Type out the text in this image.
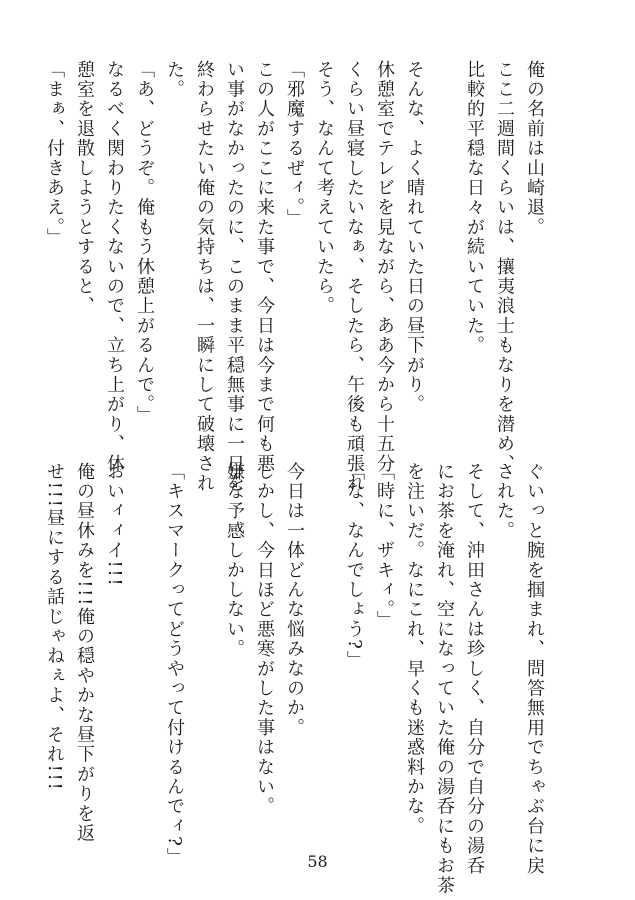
俺の名前は山崎退。
ここ二週間くらいは、攘夷浪士もなりを潜め、
比較的平穏な日々が続いていた。

そんな、よく晴れていた日の昼下がり。
休憩室でテレビを見ながら、ああ今から十五分
くらい昼寝したいなぁ、そしたら、午後も頑張れ
そう、なんて考えていたら。
「邪魔するぜィ。」
この人がここに来た事で、今日は今まで何も悪
い事がなかったのに、このまま平穏無事に一日を
終わらせたい俺の気持ちは、一瞬にして破壊され
た。
「あ、どうぞ。俺もう休憩上がるんで。」
なるべく関わりたくないので、立ち上がり、休
憩室を退散しようとすると、
「まぁ、付きあえ。」
ぐいっと腕を掴まれ、問答無用でちゃぶ台に戻
された。
そして、沖田さんは珍しく、自分で自分の湯呑
にお茶を淹れ、空になっていた俺の湯呑にもお茶
を注いだ。なにこれ、早くも迷惑料かな。
「時に、ザキィ。」
「な、なんでしょう?」

今日は一体どんな悩みなのか。
しかし、今日ほど悪寒がした事はない。
嫌な予感しかしない。

「キスマークってどうやって付けるんでィ?」

おいィィイ!!!
俺の昼休みを!!!俺の穏やかな昼下がりを返
せ!!!昼にする話じゃねぇよ、それ!!!
58
